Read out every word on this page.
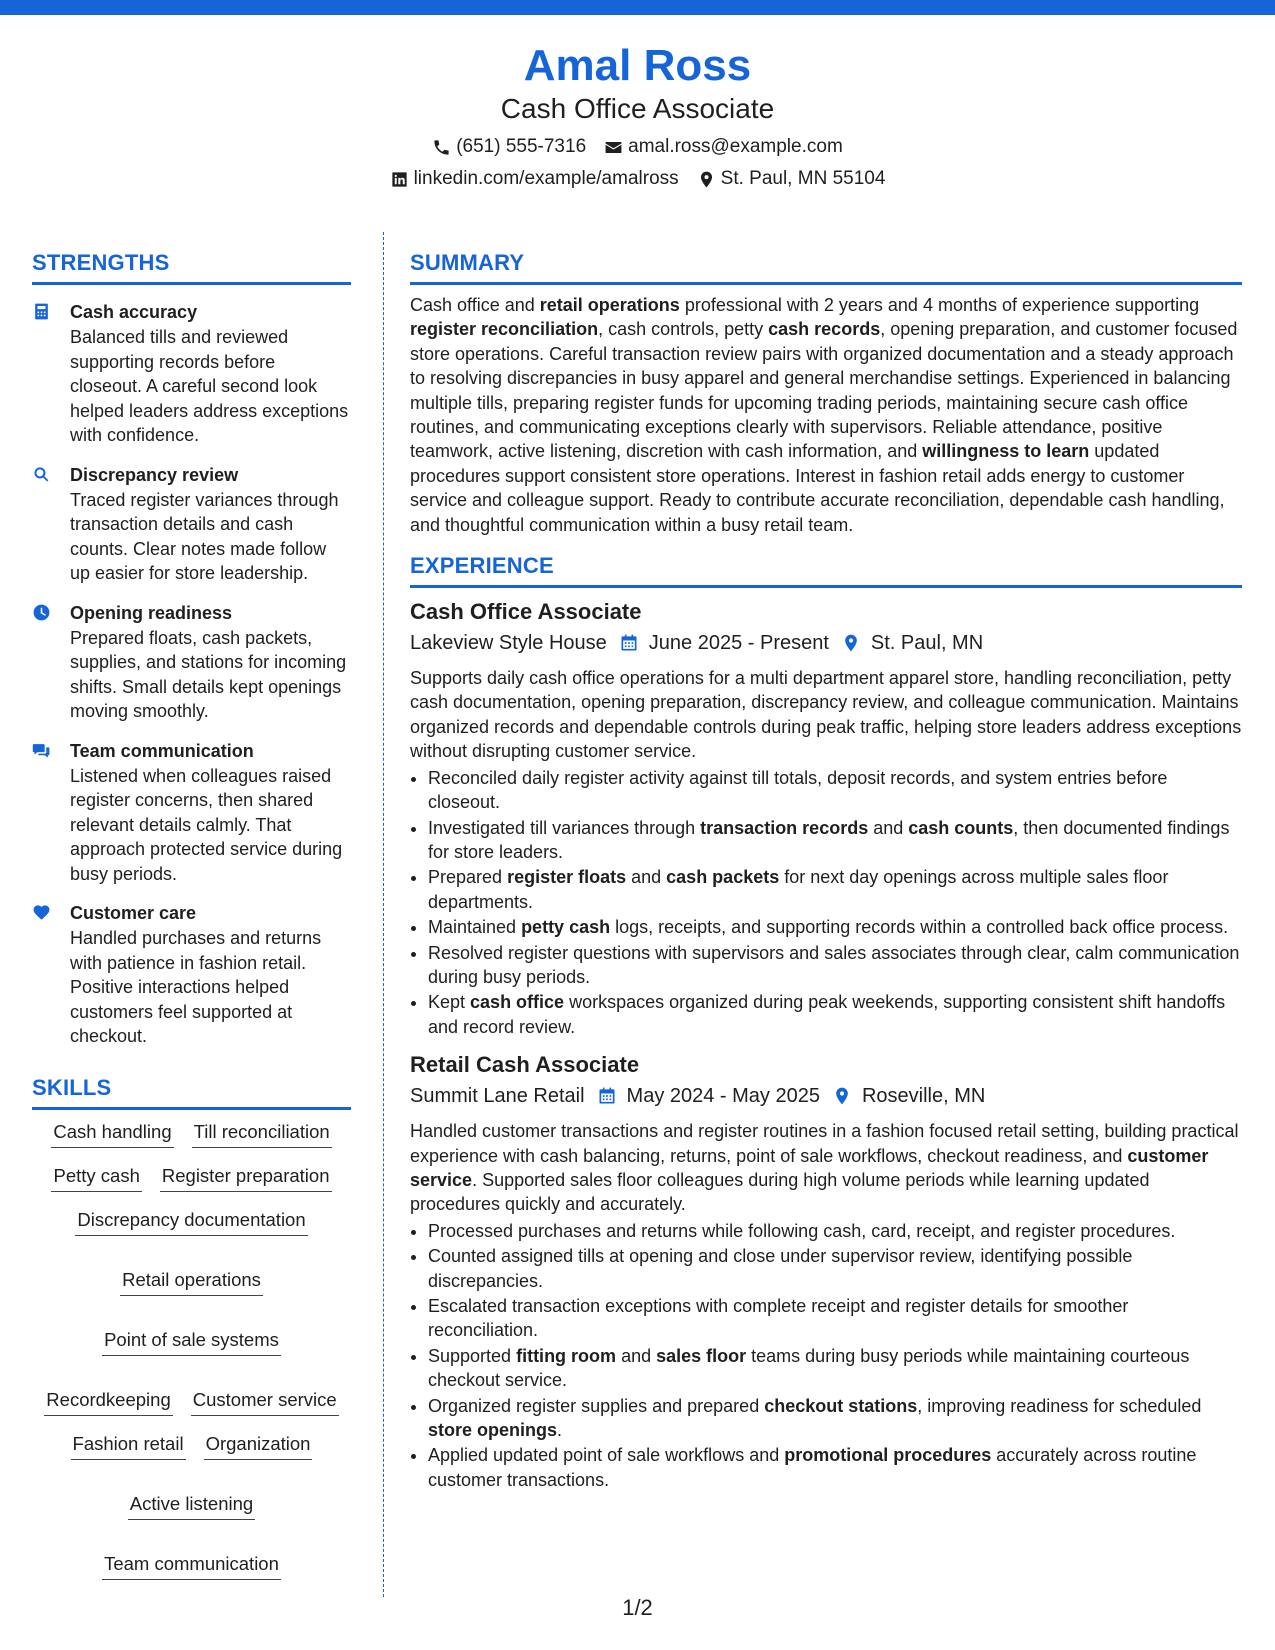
Amal Ross
Cash Office Associate
(651) 555-7316 amal.ross@example.com
linkedin.com/example/amalross St. Paul, MN 55104
STRENGTHS
Cash accuracy
Balanced tills and reviewed supporting records before closeout. A careful second look helped leaders address exceptions with confidence.
Discrepancy review
Traced register variances through transaction details and cash counts. Clear notes made follow up easier for store leadership.
Opening readiness
Prepared floats, cash packets, supplies, and stations for incoming shifts. Small details kept openings moving smoothly.
Team communication
Listened when colleagues raised register concerns, then shared relevant details calmly. That approach protected service during busy periods.
Customer care
Handled purchases and returns with patience in fashion retail. Positive interactions helped customers feel supported at checkout.
SKILLS
Cash handling Till reconciliation
Petty cash Register preparation
Discrepancy documentation
Retail operations
Point of sale systems
Recordkeeping Customer service
Fashion retail Organization
Active listening
Team communication
SUMMARY
Cash office and retail operations professional with 2 years and 4 months of experience supporting register reconciliation, cash controls, petty cash records, opening preparation, and customer focused store operations. Careful transaction review pairs with organized documentation and a steady approach to resolving discrepancies in busy apparel and general merchandise settings. Experienced in balancing multiple tills, preparing register funds for upcoming trading periods, maintaining secure cash office routines, and communicating exceptions clearly with supervisors. Reliable attendance, positive teamwork, active listening, discretion with cash information, and willingness to learn updated procedures support consistent store operations. Interest in fashion retail adds energy to customer service and colleague support. Ready to contribute accurate reconciliation, dependable cash handling, and thoughtful communication within a busy retail team.
EXPERIENCE
Cash Office Associate
Lakeview Style House June 2025 - Present St. Paul, MN
Supports daily cash office operations for a multi department apparel store, handling reconciliation, petty cash documentation, opening preparation, discrepancy review, and colleague communication. Maintains organized records and dependable controls during peak traffic, helping store leaders address exceptions without disrupting customer service.
• Reconciled daily register activity against till totals, deposit records, and system entries before closeout.
• Investigated till variances through transaction records and cash counts, then documented findings for store leaders.
• Prepared register floats and cash packets for next day openings across multiple sales floor departments.
• Maintained petty cash logs, receipts, and supporting records within a controlled back office process.
• Resolved register questions with supervisors and sales associates through clear, calm communication during busy periods.
• Kept cash office workspaces organized during peak weekends, supporting consistent shift handoffs and record review.
Retail Cash Associate
Summit Lane Retail May 2024 - May 2025 Roseville, MN
Handled customer transactions and register routines in a fashion focused retail setting, building practical experience with cash balancing, returns, point of sale workflows, checkout readiness, and customer service. Supported sales floor colleagues during high volume periods while learning updated procedures quickly and accurately.
• Processed purchases and returns while following cash, card, receipt, and register procedures.
• Counted assigned tills at opening and close under supervisor review, identifying possible discrepancies.
• Escalated transaction exceptions with complete receipt and register details for smoother reconciliation.
• Supported fitting room and sales floor teams during busy periods while maintaining courteous checkout service.
• Organized register supplies and prepared checkout stations, improving readiness for scheduled store openings.
• Applied updated point of sale workflows and promotional procedures accurately across routine customer transactions.
1/2
